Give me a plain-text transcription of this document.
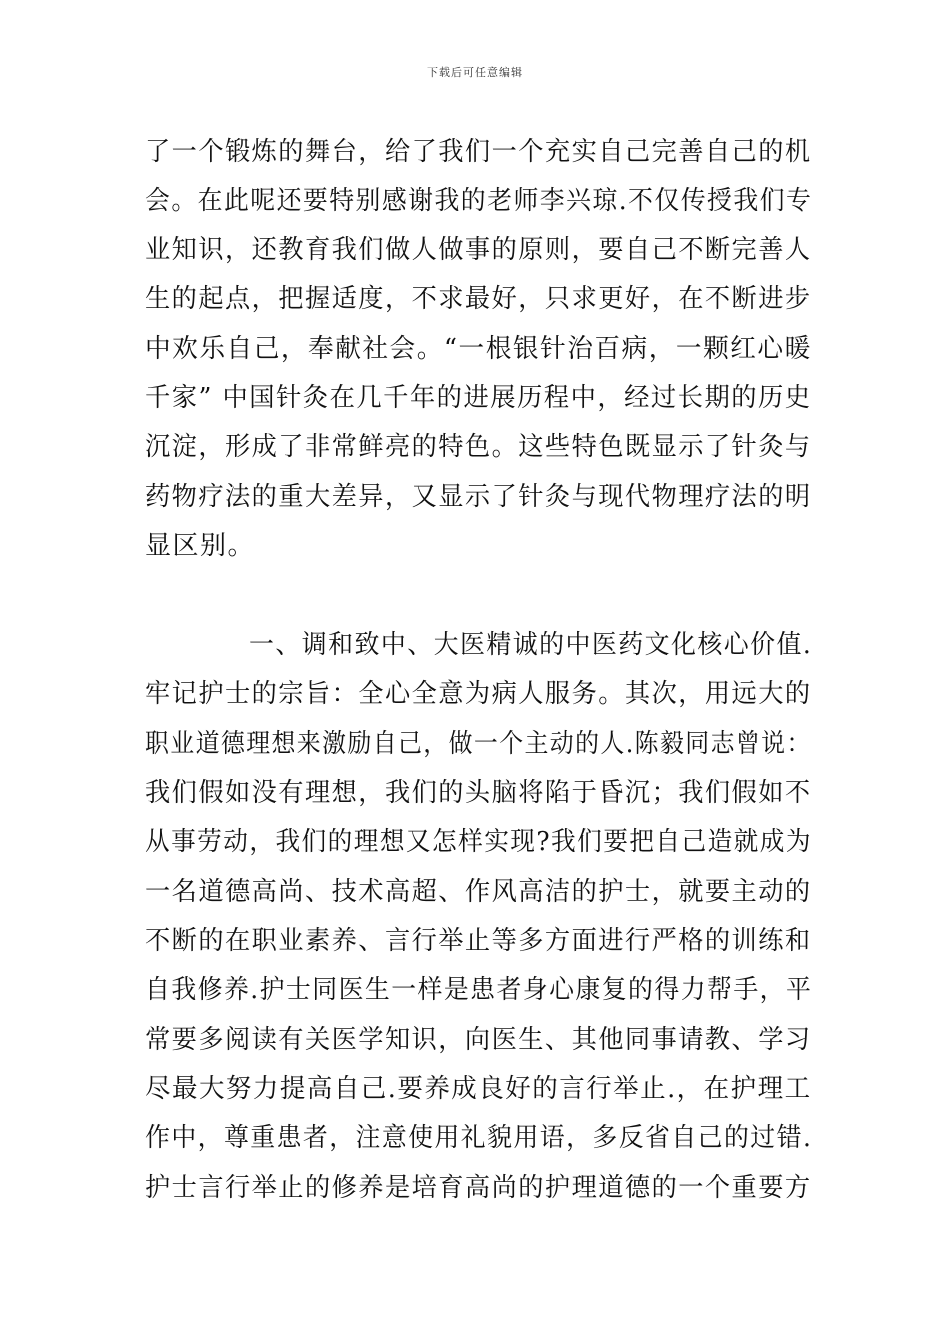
下载后可任意编辑
了一个锻炼的舞台，给了我们一个充实自己完善自己的机
会。在此呢还要特别感谢我的老师李兴琼.不仅传授我们专
业知识，还教育我们做人做事的原则，要自己不断完善人
生的起点，把握适度，不求最好，只求更好，在不断进步
中欢乐自己，奉献社会。“一根银针治百病，一颗红心暖
千家” 中国针灸在几千年的进展历程中，经过长期的历史
沉淀，形成了非常鲜亮的特色。这些特色既显示了针灸与
药物疗法的重大差异，又显示了针灸与现代物理疗法的明
显区别。
一、调和致中、大医精诚的中医药文化核心价值.
牢记护士的宗旨：全心全意为病人服务。其次，用远大的
职业道德理想来激励自己，做一个主动的人.陈毅同志曾说：
我们假如没有理想，我们的头脑将陷于昏沉；我们假如不
从事劳动，我们的理想又怎样实现?我们要把自己造就成为
一名道德高尚、技术高超、作风高洁的护士，就要主动的
不断的在职业素养、言行举止等多方面进行严格的训练和
自我修养.护士同医生一样是患者身心康复的得力帮手，平
常要多阅读有关医学知识，向医生、其他同事请教、学习
尽最大努力提高自己.要养成良好的言行举止.，在护理工
作中，尊重患者，注意使用礼貌用语，多反省自己的过错.
护士言行举止的修养是培育高尚的护理道德的一个重要方
